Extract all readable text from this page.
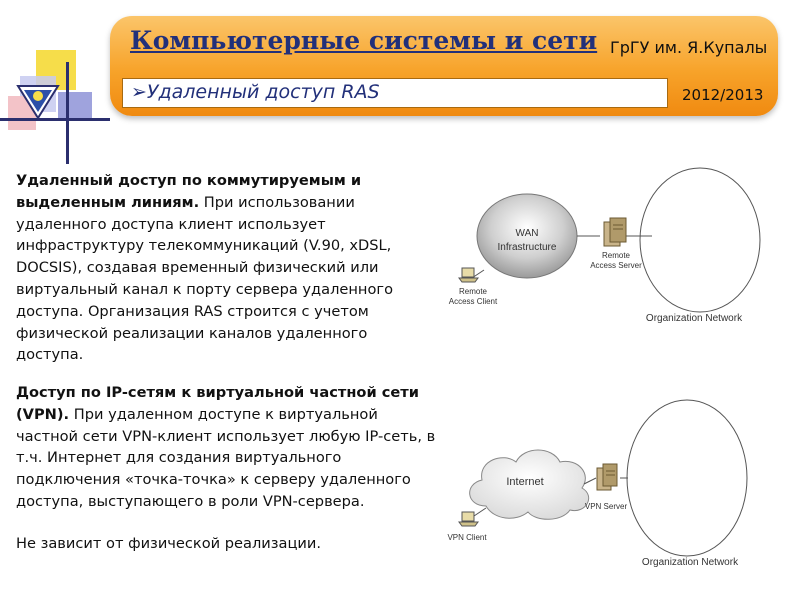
Компьютерные системы и сети ГрГУ им. Я.Купалы
➢Удаленный доступ RAS	2012/2013
Удаленный доступ по коммутируемым и выделенным линиям. При использовании удаленного доступа клиент использует инфраструктуру телекоммуникаций (V.90, xDSL, DOCSIS), создавая временный физический или виртуальный канал к порту сервера удаленного доступа. Организация RAS строится с учетом физической реализации каналов удаленного доступа.
Доступ по IP-сетям к виртуальной частной сети (VPN). При удаленном доступе к виртуальной частной сети VPN-клиент использует любую IP-сеть, в т.ч. Интернет для создания виртуального подключения «точка-точка» к серверу удаленного доступа, выступающего в роли VPN-сервера.
Не зависит от физической реализации.
WAN
Infrastructure
Remote
Access Server
Remote
Access Client
Organization Network
Internet
VPN Server
VPN Client
Organization Network
